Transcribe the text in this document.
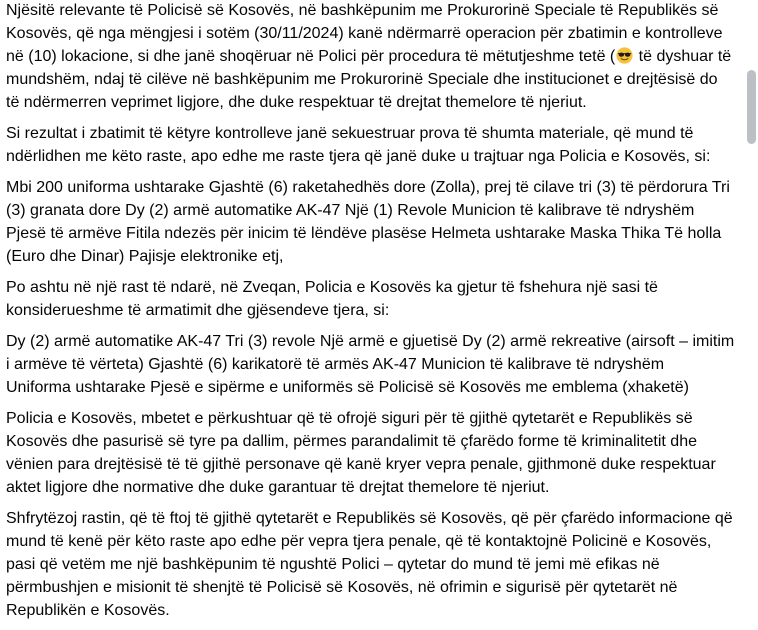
Njësitë relevante të Policisë së Kosovës, në bashkëpunim me Prokurorinë Speciale të Republikës së
Kosovës, që nga mëngjesi i sotëm (30/11/2024) kanë ndërmarrë operacion për zbatimin e kontrolleve
në (10) lokacione, si dhe janë shoqëruar në Polici për procedura të mëtutjeshme tetë ( të dyshuar të
mundshëm, ndaj të cilëve në bashkëpunim me Prokurorinë Speciale dhe institucionet e drejtësisë do
të ndërmerren veprimet ligjore, dhe duke respektuar të drejtat themelore të njeriut.

Si rezultat i zbatimit të këtyre kontrolleve janë sekuestruar prova të shumta materiale, që mund të
ndërlidhen me këto raste, apo edhe me raste tjera që janë duke u trajtuar nga Policia e Kosovës, si:

Mbi 200 uniforma ushtarake Gjashtë (6) raketahedhës dore (Zolla), prej të cilave tri (3) të përdorura Tri
(3) granata dore Dy (2) armë automatike AK-47 Një (1) Revole Municion të kalibrave të ndryshëm
Pjesë të armëve Fitila ndezës për inicim të lëndëve plasëse Helmeta ushtarake Maska Thika Të holla
(Euro dhe Dinar) Pajisje elektronike etj,

Po ashtu në një rast të ndarë, në Zveqan, Policia e Kosovës ka gjetur të fshehura një sasi të
konsiderueshme të armatimit dhe gjësendeve tjera, si:

Dy (2) armë automatike AK-47 Tri (3) revole Një armë e gjuetisë Dy (2) armë rekreative (airsoft – imitim
i armëve të vërteta) Gjashtë (6) karikatorë të armës AK-47 Municion të kalibrave të ndryshëm
Uniforma ushtarake Pjesë e sipërme e uniformës së Policisë së Kosovës me emblema (xhaketë)

Policia e Kosovës, mbetet e përkushtuar që të ofrojë siguri për të gjithë qytetarët e Republikës së
Kosovës dhe pasurisë së tyre pa dallim, përmes parandalimit të çfarëdo forme të kriminalitetit dhe
vënien para drejtësisë të të gjithë personave që kanë kryer vepra penale, gjithmonë duke respektuar
aktet ligjore dhe normative dhe duke garantuar të drejtat themelore të njeriut.

Shfrytëzoj rastin, që të ftoj të gjithë qytetarët e Republikës së Kosovës, që për çfarëdo informacione që
mund të kenë për këto raste apo edhe për vepra tjera penale, që të kontaktojnë Policinë e Kosovës,
pasi që vetëm me një bashkëpunim të ngushtë Polici – qytetar do mund të jemi më efikas në
përmbushjen e misionit të shenjtë të Policisë së Kosovës, në ofrimin e sigurisë për qytetarët në
Republikën e Kosovës.
